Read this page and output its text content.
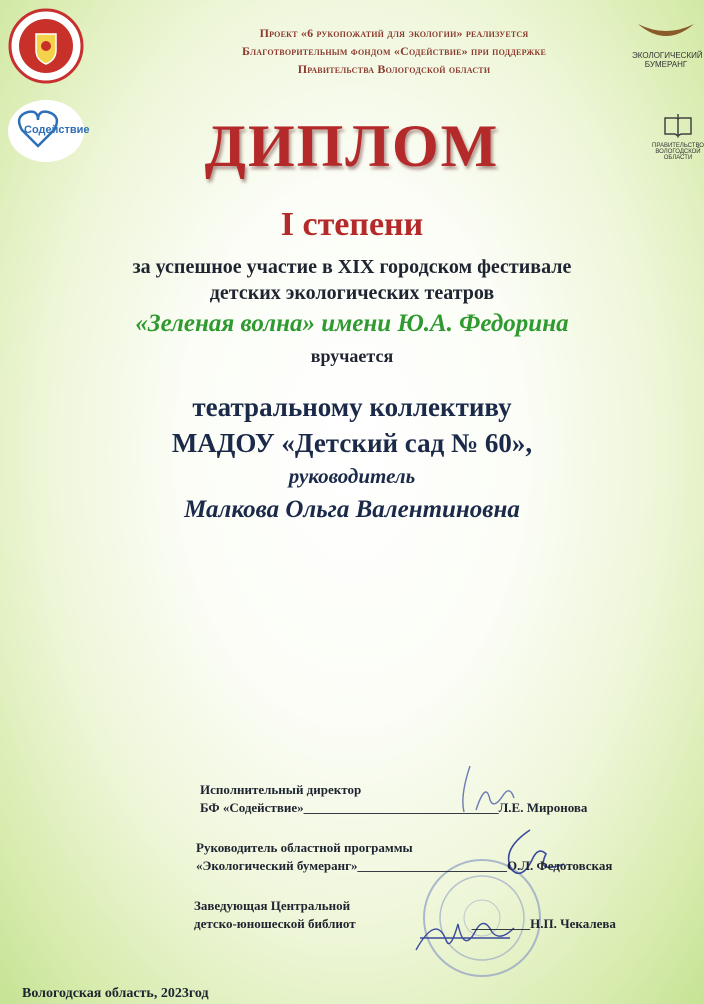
Содействие
ЭКОЛОГИЧЕСКИЙ
БУМЕРАНГ
ПРАВИТЕЛЬСТВО
ВОЛОГОДСКОЙ
ОБЛАСТИ
Проект «6 рукопожатий для экологии» реализуется
Благотворительным фондом «Содействие» при поддержке
Правительства Вологодской области
ДИПЛОМ
I степени
за успешное участие в XIX городском фестивале
детских экологических театров
«Зеленая волна» имени Ю.А. Федорина
вручается
театральному коллективу
МАДОУ «Детский сад № 60»,
руководитель
Малкова Ольга Валентиновна
Исполнительный директор
БФ «Содействие»______________________________Л.Е. Миронова
Руководитель областной программы
«Экологический бумеранг»_______________________О.Л. Федотовская
Заведующая Центральной
детско-юношеской библиот	_________Н.П. Чекалева
Вологодская область, 2023год
